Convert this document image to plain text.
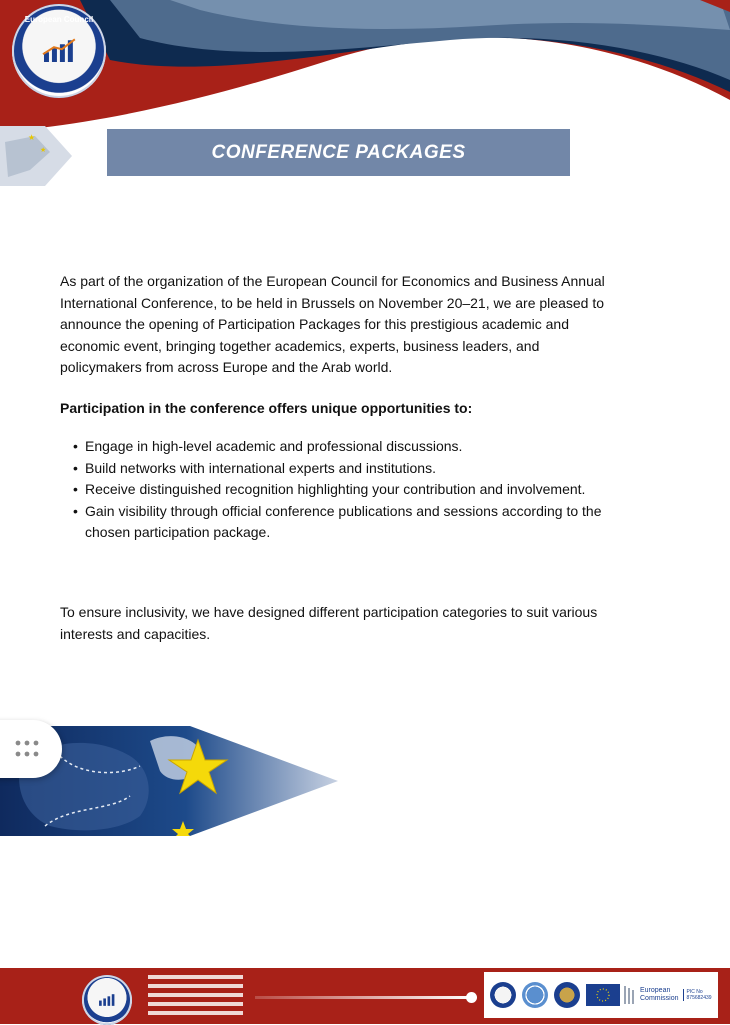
★
★
European Council
CONFERENCE PACKAGES
As part of the organization of the European Council for Economics and Business Annual International Conference, to be held in Brussels on November 20–21, we are pleased to announce the opening of Participation Packages for this prestigious academic and economic event, bringing together academics, experts, business leaders, and policymakers from across Europe and the Arab world.
Participation in the conference offers unique opportunities to:
• Engage in high-level academic and professional discussions.
• Build networks with international experts and institutions.
• Receive distinguished recognition highlighting your contribution and involvement.
• Gain visibility through official conference publications and sessions according to the chosen participation package.
To ensure inclusivity, we have designed different participation categories to suit various interests and capacities.
European
Commission
PIC No 875682439
